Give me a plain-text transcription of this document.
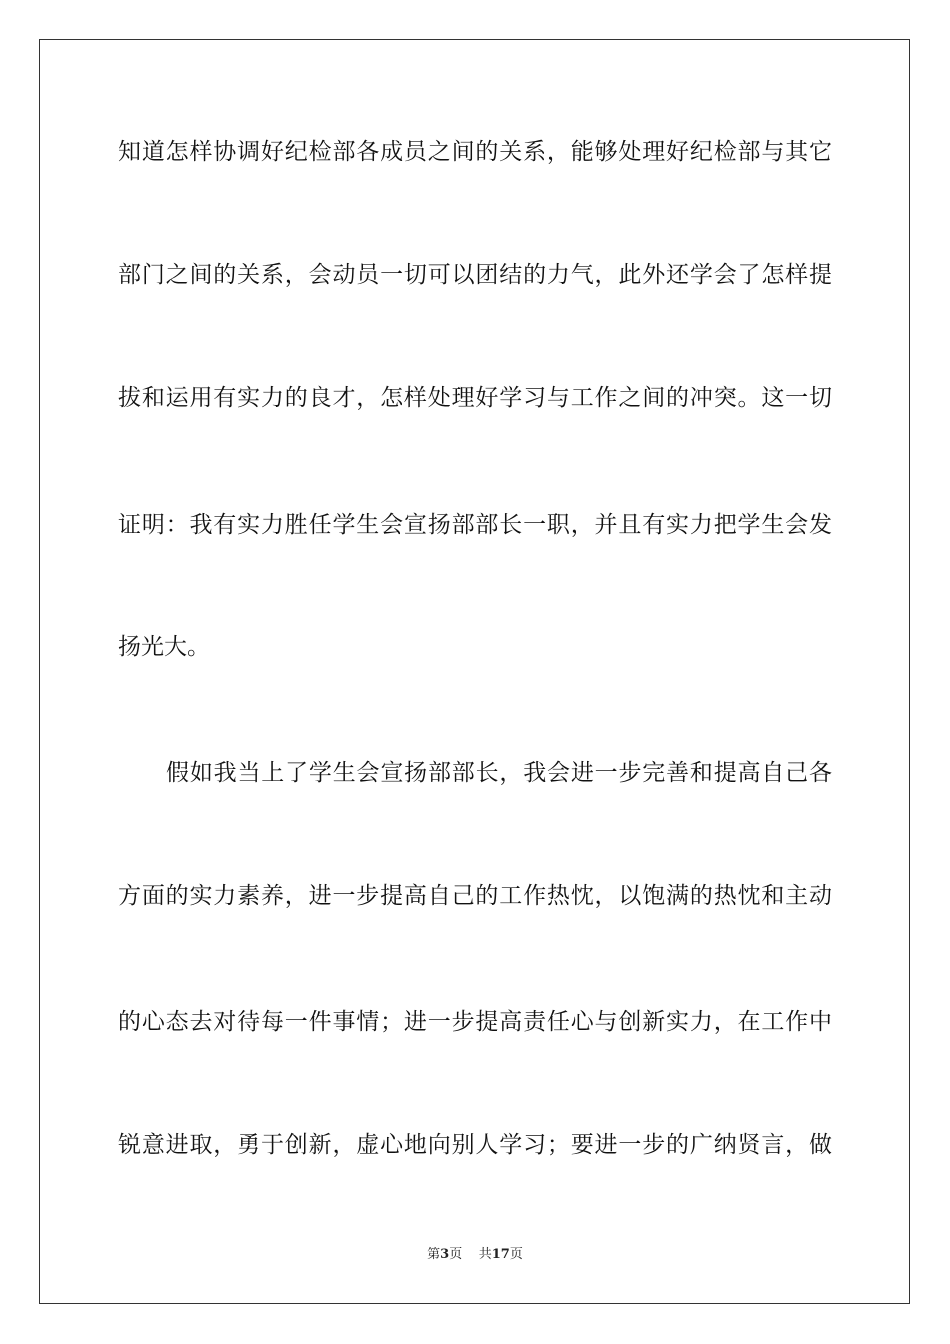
知道怎样协调好纪检部各成员之间的关系，能够处理好纪检部与其它
部门之间的关系，会动员一切可以团结的力气，此外还学会了怎样提
拔和运用有实力的良才，怎样处理好学习与工作之间的冲突。这一切
证明：我有实力胜任学生会宣扬部部长一职，并且有实力把学生会发
扬光大。
假如我当上了学生会宣扬部部长，我会进一步完善和提高自己各
方面的实力素养，进一步提高自己的工作热忱，以饱满的热忱和主动
的心态去对待每一件事情；进一步提高责任心与创新实力，在工作中
锐意进取，勇于创新，虚心地向别人学习；要进一步的广纳贤言，做
第3页 共17页
